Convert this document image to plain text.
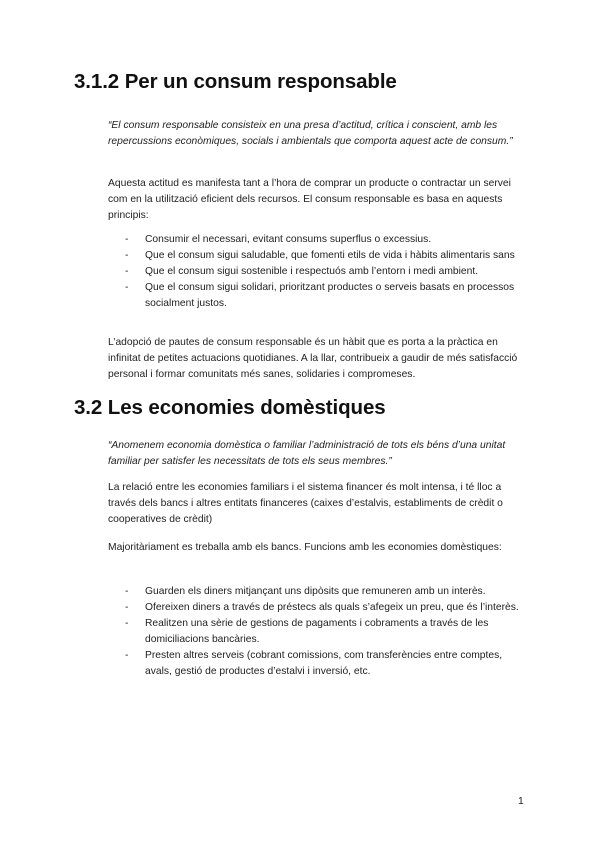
3.1.2 Per un consum responsable

“El consum responsable consisteix en una presa d’actitud, crítica i conscient, amb les repercussions econòmiques, socials i ambientals que comporta aquest acte de consum.”

Aquesta actitud es manifesta tant a l’hora de comprar un producte o contractar un servei com en la utilització eficient dels recursos. El consum responsable es basa en aquests principis:

- Consumir el necessari, evitant consums superflus o excessius.
- Que el consum sigui saludable, que fomenti etils de vida i hàbits alimentaris sans
- Que el consum sigui sostenible i respectuós amb l’entorn i medi ambient.
- Que el consum sigui solidari, prioritzant productes o serveis basats en processos socialment justos.

L’adopció de pautes de consum responsable és un hàbit que es porta a la pràctica en infinitat de petites actuacions quotidianes. A la llar, contribueix a gaudir de més satisfacció personal i formar comunitats més sanes, solidaries i compromeses.

3.2 Les economies domèstiques

“Anomenem economia domèstica o familiar l’administració de tots els béns d’una unitat familiar per satisfer les necessitats de tots els seus membres.”

La relació entre les economies familiars i el sistema financer és molt intensa, i té lloc a través dels bancs i altres entitats financeres (caixes d’estalvis, establiments de crèdit o cooperatives de crèdit)

Majoritàriament es treballa amb els bancs. Funcions amb les economies domèstiques:

- Guarden els diners mitjançant uns dipòsits que remuneren amb un interès.
- Ofereixen diners a través de préstecs als quals s’afegeix un preu, que és l’interès.
- Realitzen una sèrie de gestions de pagaments i cobraments a través de les domiciliacions bancàries.
- Presten altres serveis (cobrant comissions, com transferències entre comptes, avals, gestió de productes d’estalvi i inversió, etc.
1
